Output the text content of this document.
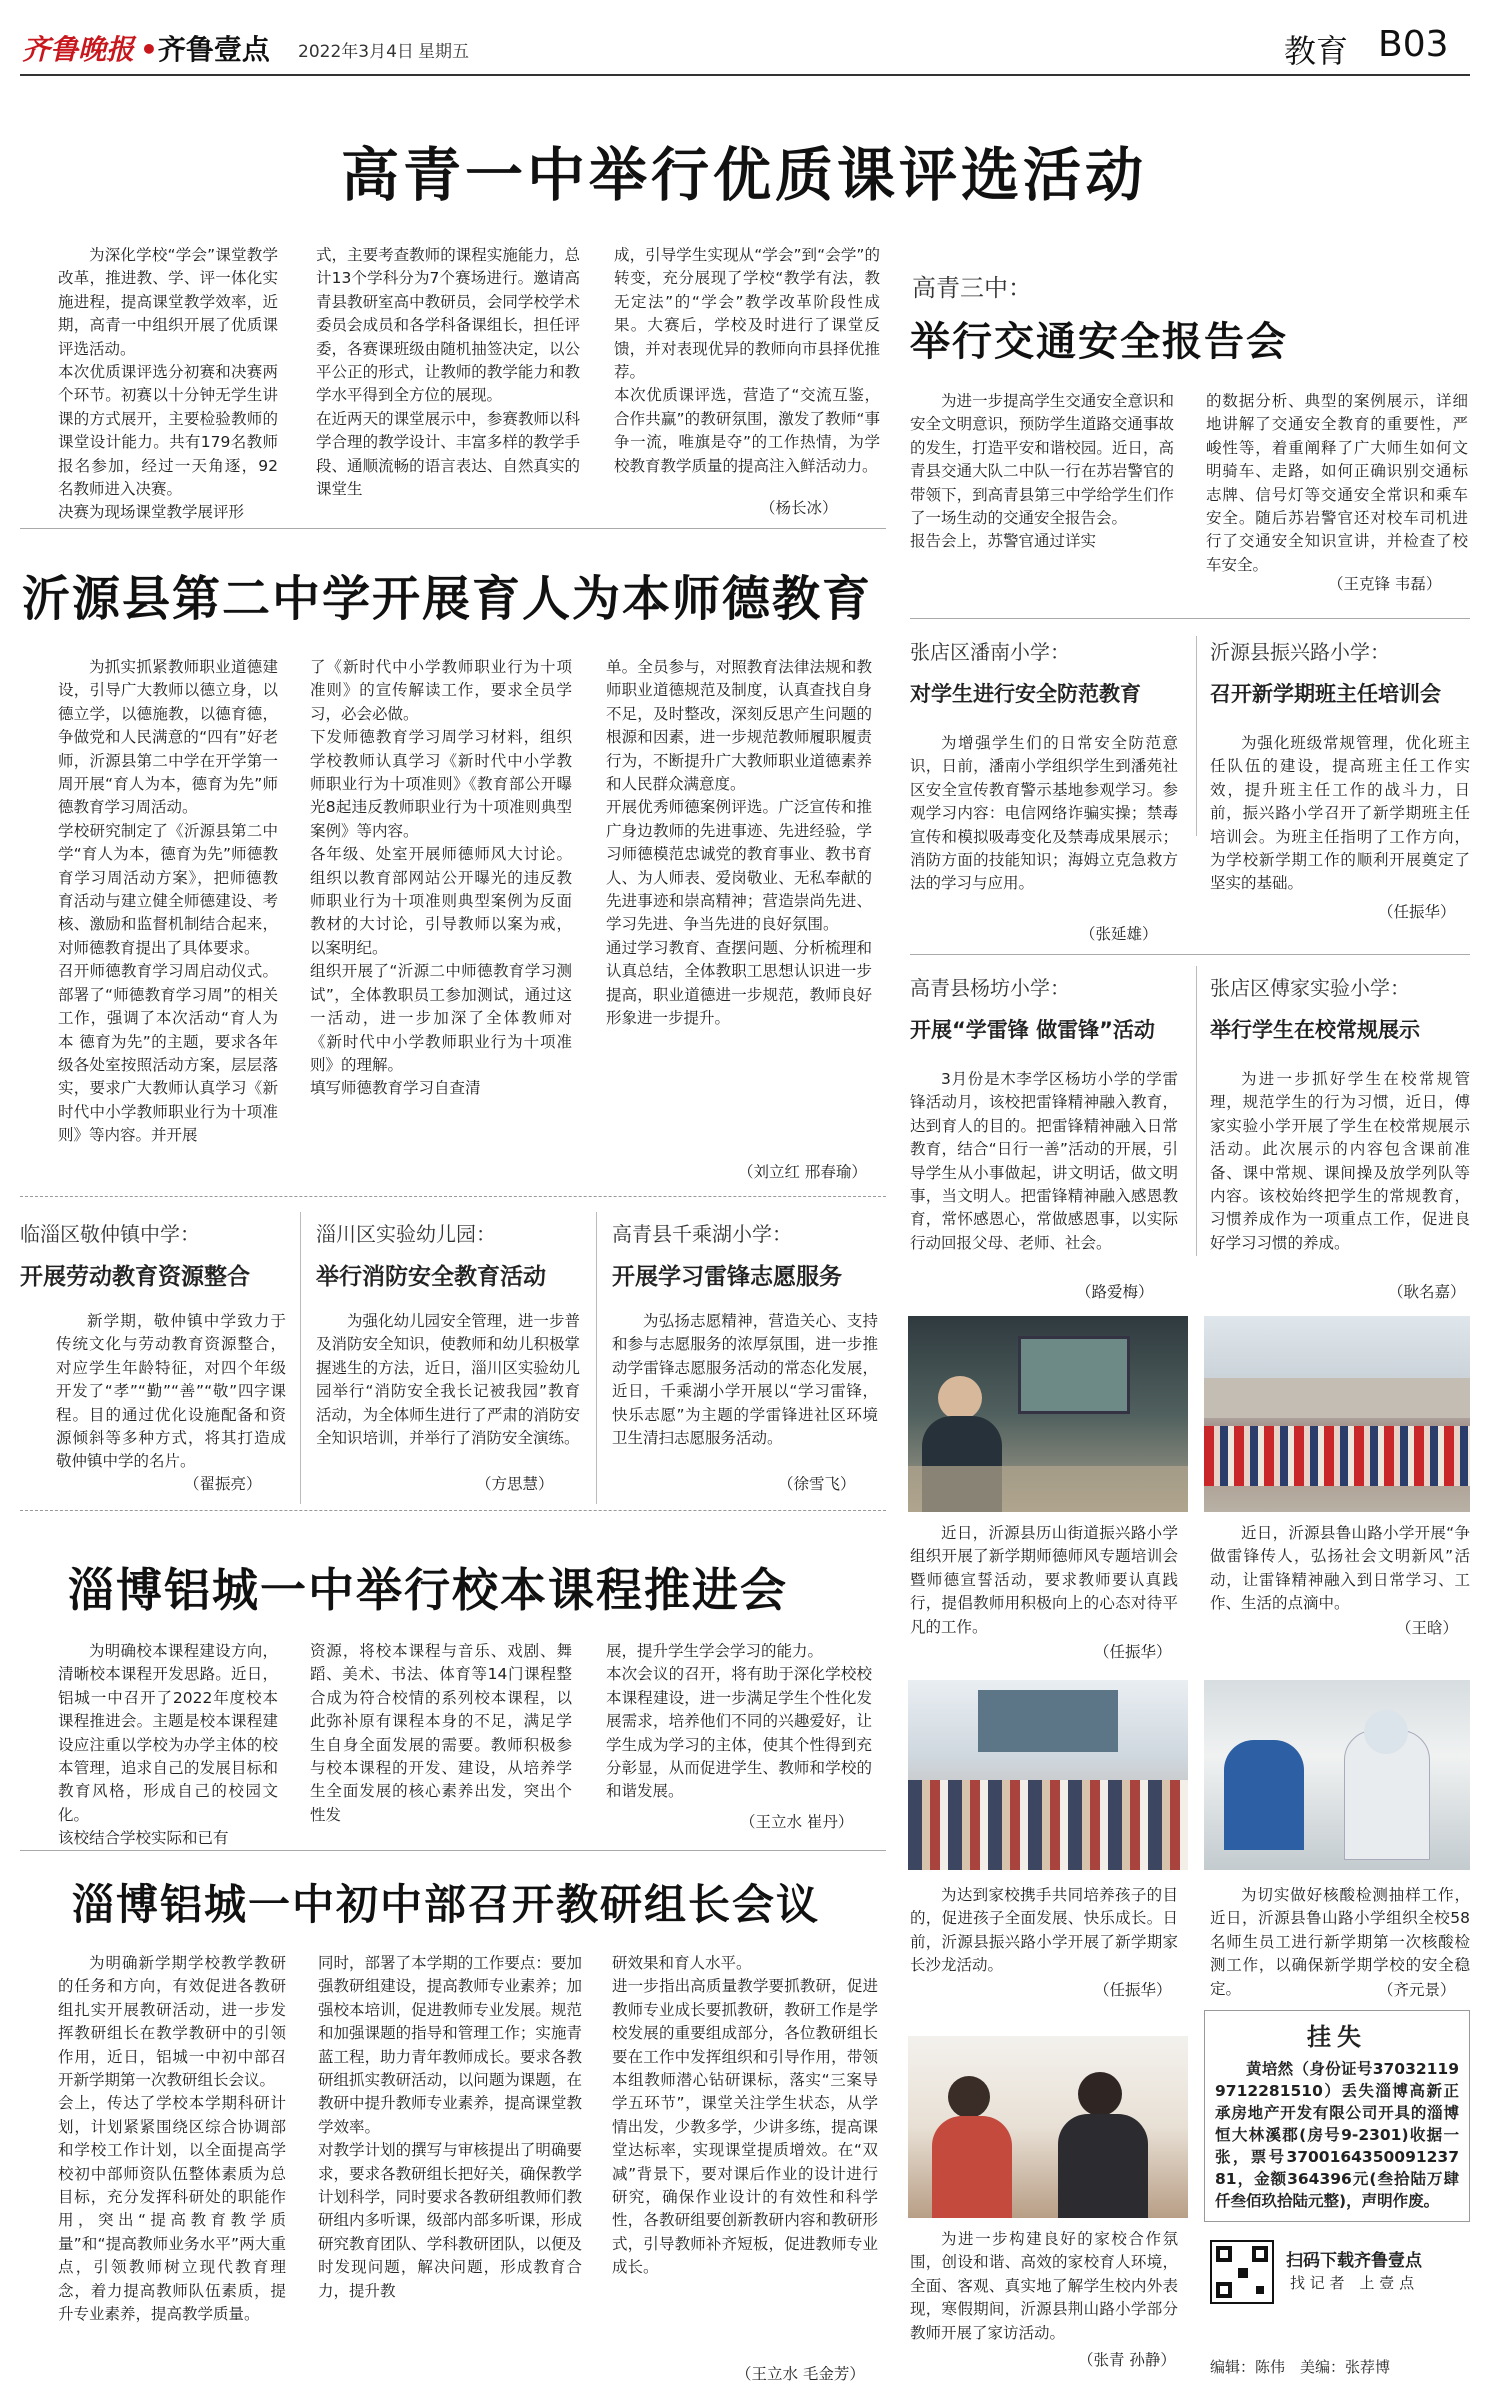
齐鲁晚报 •齐鲁壹点 2022年3月4日 星期五	教育 B03
高青一中举行优质课评选活动
为深化学校“学会”课堂教学改革，推进教、学、评一体化实施进程，提高课堂教学效率，近期，高青一中组织开展了优质课评选活动。
本次优质课评选分初赛和决赛两个环节。初赛以十分钟无学生讲课的方式展开，主要检验教师的课堂设计能力。共有179名教师报名参加，经过一天角逐，92名教师进入决赛。
决赛为现场课堂教学展评形
式，主要考查教师的课程实施能力，总计13个学科分为7个赛场进行。邀请高青县教研室高中教研员，会同学校学术委员会成员和各学科备课组长，担任评委，各赛课班级由随机抽签决定，以公平公正的形式，让教师的教学能力和教学水平得到全方位的展现。
在近两天的课堂展示中，参赛教师以科学合理的教学设计、丰富多样的教学手段、通顺流畅的语言表达、自然真实的课堂生
成，引导学生实现从“学会”到“会学”的转变，充分展现了学校“教学有法，教无定法”的“学会”教学改革阶段性成果。大赛后，学校及时进行了课堂反馈，并对表现优异的教师向市县择优推荐。
本次优质课评选，营造了“交流互鉴，合作共赢”的教研氛围，激发了教师“事争一流，唯旗是夺”的工作热情，为学校教育教学质量的提高注入鲜活动力。
（杨长冰）
高青三中：
举行交通安全报告会
为进一步提高学生交通安全意识和安全文明意识，预防学生道路交通事故的发生，打造平安和谐校园。近日，高青县交通大队二中队一行在苏岩警官的带领下，到高青县第三中学给学生们作了一场生动的交通安全报告会。
报告会上，苏警官通过详实
的数据分析、典型的案例展示，详细地讲解了交通安全教育的重要性，严峻性等，着重阐释了广大师生如何文明骑车、走路，如何正确识别交通标志牌、信号灯等交通安全常识和乘车安全。随后苏岩警官还对校车司机进行了交通安全知识宣讲，并检查了校车安全。
（王克锋 韦磊）
沂源县第二中学开展育人为本师德教育
为抓实抓紧教师职业道德建设，引导广大教师以德立身，以德立学，以德施教，以德育德，争做党和人民满意的“四有”好老师，沂源县第二中学在开学第一周开展“育人为本，德育为先”师德教育学习周活动。
学校研究制定了《沂源县第二中学“育人为本，德育为先”师德教育学习周活动方案》，把师德教育活动与建立健全师德建设、考核、激励和监督机制结合起来，对师德教育提出了具体要求。
召开师德教育学习周启动仪式。部署了“师德教育学习周”的相关工作，强调了本次活动“育人为本 德育为先”的主题，要求各年级各处室按照活动方案，层层落实，要求广大教师认真学习《新时代中小学教师职业行为十项准则》等内容。并开展
了《新时代中小学教师职业行为十项准则》的宣传解读工作，要求全员学习，必会必做。
下发师德教育学习周学习材料，组织学校教师认真学习《新时代中小学教师职业行为十项准则》《教育部公开曝光8起违反教师职业行为十项准则典型案例》等内容。
各年级、处室开展师德师风大讨论。组织以教育部网站公开曝光的违反教师职业行为十项准则典型案例为反面教材的大讨论，引导教师以案为戒，以案明纪。
组织开展了“沂源二中师德教育学习测试”，全体教职员工参加测试，通过这一活动，进一步加深了全体教师对《新时代中小学教师职业行为十项准则》的理解。
填写师德教育学习自查清
单。全员参与，对照教育法律法规和教师职业道德规范及制度，认真查找自身不足，及时整改，深刻反思产生问题的根源和因素，进一步规范教师履职履责行为，不断提升广大教师职业道德素养和人民群众满意度。
开展优秀师德案例评选。广泛宣传和推广身边教师的先进事迹、先进经验，学习师德模范忠诚党的教育事业、教书育人、为人师表、爱岗敬业、无私奉献的先进事迹和崇高精神；营造崇尚先进、学习先进、争当先进的良好氛围。
通过学习教育、查摆问题、分析梳理和认真总结，全体教职工思想认识进一步提高，职业道德进一步规范，教师良好形象进一步提升。
（刘立红 邢春瑜）
临淄区敬仲镇中学：
开展劳动教育资源整合
新学期，敬仲镇中学致力于传统文化与劳动教育资源整合，对应学生年龄特征，对四个年级开发了“孝”“勤”“善”“敬”四字课程。目的通过优化设施配备和资源倾斜等多种方式，将其打造成敬仲镇中学的名片。
（翟振亮）
淄川区实验幼儿园：
举行消防安全教育活动
为强化幼儿园安全管理，进一步普及消防安全知识，使教师和幼儿积极掌握逃生的方法，近日，淄川区实验幼儿园举行“消防安全我长记被我园”教育活动，为全体师生进行了严肃的消防安全知识培训，并举行了消防安全演练。
（方思慧）
高青县千乘湖小学：
开展学习雷锋志愿服务
为弘扬志愿精神，营造关心、支持和参与志愿服务的浓厚氛围，进一步推动学雷锋志愿服务活动的常态化发展，近日，千乘湖小学开展以“学习雷锋，快乐志愿”为主题的学雷锋进社区环境卫生清扫志愿服务活动。
（徐雪飞）
淄博铝城一中举行校本课程推进会
为明确校本课程建设方向，清晰校本课程开发思路。近日，铝城一中召开了2022年度校本课程推进会。主题是校本课程建设应注重以学校为办学主体的校本管理，追求自己的发展目标和教育风格，形成自己的校园文化。
该校结合学校实际和已有
资源，将校本课程与音乐、戏剧、舞蹈、美术、书法、体育等14门课程整合成为符合校情的系列校本课程，以此弥补原有课程本身的不足，满足学生自身全面发展的需要。教师积极参与校本课程的开发、建设，从培养学生全面发展的核心素养出发，突出个性发
展，提升学生学会学习的能力。
本次会议的召开，将有助于深化学校校本课程建设，进一步满足学生个性化发展需求，培养他们不同的兴趣爱好，让学生成为学习的主体，使其个性得到充分彰显，从而促进学生、教师和学校的和谐发展。
（王立水 崔丹）
淄博铝城一中初中部召开教研组长会议
为明确新学期学校教学教研的任务和方向，有效促进各教研组扎实开展教研活动，进一步发挥教研组长在教学教研中的引领作用，近日，铝城一中初中部召开新学期第一次教研组长会议。
会上，传达了学校本学期科研计划，计划紧紧围绕区综合协调部和学校工作计划，以全面提高学校初中部师资队伍整体素质为总目标，充分发挥科研处的职能作用，突出“提高教育教学质量”和“提高教师业务水平”两大重点，引领教师树立现代教育理念，着力提高教师队伍素质，提升专业素养，提高教学质量。
同时，部署了本学期的工作要点：要加强教研组建设，提高教师专业素养；加强校本培训，促进教师专业发展。规范和加强课题的指导和管理工作；实施青蓝工程，助力青年教师成长。要求各教研组抓实教研活动，以问题为课题，在教研中提升教师专业素养，提高课堂教学效率。
对教学计划的撰写与审核提出了明确要求，要求各教研组长把好关，确保教学计划科学，同时要求各教研组教师们教研组内多听课，级部内部多听课，形成研究教育团队、学科教研团队，以便及时发现问题，解决问题，形成教育合力，提升教
研效果和育人水平。
进一步指出高质量教学要抓教研，促进教师专业成长要抓教研，教研工作是学校发展的重要组成部分，各位教研组长要在工作中发挥组织和引导作用，带领本组教师潜心钻研课标，落实“三案导学五环节”，课堂关注学生状态，从学情出发，少教多学，少讲多练，提高课堂达标率，实现课堂提质增效。在“双减”背景下，要对课后作业的设计进行研究，确保作业设计的有效性和科学性，各教研组要创新教研内容和教研形式，引导教师补齐短板，促进教师专业成长。
（王立水 毛金芳）
张店区潘南小学：
对学生进行安全防范教育
为增强学生们的日常安全防范意识，日前，潘南小学组织学生到潘苑社区安全宣传教育警示基地参观学习。参观学习内容：电信网络诈骗实操；禁毒宣传和模拟吸毒变化及禁毒成果展示；消防方面的技能知识；海姆立克急救方法的学习与应用。
（张延雄）
沂源县振兴路小学：
召开新学期班主任培训会
为强化班级常规管理，优化班主任队伍的建设，提高班主任工作实效，提升班主任工作的战斗力，日前，振兴路小学召开了新学期班主任培训会。为班主任指明了工作方向，为学校新学期工作的顺利开展奠定了坚实的基础。
（任振华）
高青县杨坊小学：
开展“学雷锋 做雷锋”活动
3月份是木李学区杨坊小学的学雷锋活动月，该校把雷锋精神融入教育，达到育人的目的。把雷锋精神融入日常教育，结合“日行一善”活动的开展，引导学生从小事做起，讲文明话，做文明事，当文明人。把雷锋精神融入感恩教育，常怀感恩心，常做感恩事，以实际行动回报父母、老师、社会。
（路爱梅）
张店区傅家实验小学：
举行学生在校常规展示
为进一步抓好学生在校常规管理，规范学生的行为习惯，近日，傅家实验小学开展了学生在校常规展示活动。此次展示的内容包含课前准备、课中常规、课间操及放学列队等内容。该校始终把学生的常规教育，习惯养成作为一项重点工作，促进良好学习习惯的养成。
（耿名嘉）
近日，沂源县历山街道振兴路小学组织开展了新学期师德师风专题培训会暨师德宣誓活动，要求教师要认真践行，提倡教师用积极向上的心态对待平凡的工作。
（任振华）
近日，沂源县鲁山路小学开展“争做雷锋传人，弘扬社会文明新风”活动，让雷锋精神融入到日常学习、工作、生活的点滴中。
（王晗）
为达到家校携手共同培养孩子的目的，促进孩子全面发展、快乐成长。日前，沂源县振兴路小学开展了新学期家长沙龙活动。
（任振华）
为切实做好核酸检测抽样工作，近日，沂源县鲁山路小学组织全校58名师生员工进行新学期第一次核酸检测工作，以确保新学期学校的安全稳定。	（齐元景）
为进一步构建良好的家校合作氛围，创设和谐、高效的家校育人环境，全面、客观、真实地了解学生校内外表现，寒假期间，沂源县荆山路小学部分教师开展了家访活动。
（张青 孙静）
挂失
黄培然（身份证号370321199712281510）丢失淄博高新正承房地产开发有限公司开具的淄博恒大林溪郡(房号9-2301)收据一张，票号370016435009123781，金额364396元(叁拾陆万肆仟叁佰玖拾陆元整)，声明作废。
扫码下载齐鲁壹点
找 记 者　上 壹 点
编辑：陈伟　美编：张荐博
